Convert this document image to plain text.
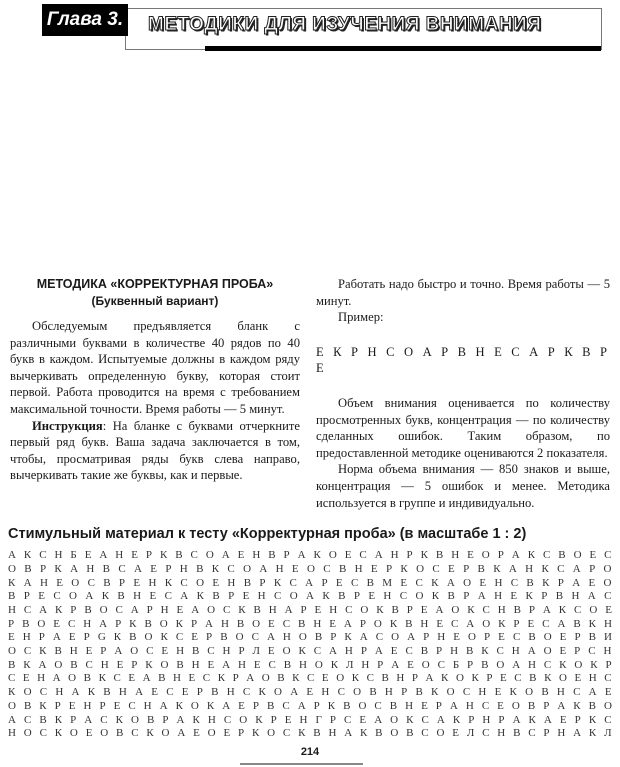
Глава 3. МЕТОДИКИ ДЛЯ ИЗУЧЕНИЯ ВНИМАНИЯ
МЕТОДИКА «КОРРЕКТУРНАЯ ПРОБА»
(Буквенный вариант)

Обследуемым предъявляется бланк с различными буквами в количестве 40 рядов по 40 букв в каждом. Испытуемые должны в каждом ряду вычеркивать определенную букву, которая стоит первой. Работа проводится на время с требованием максимальной точности. Время работы — 5 минут.

Инструкция: На бланке с буквами отчеркните первый ряд букв. Ваша задача заключается в том, чтобы, просматривая ряды букв слева направо, вычеркивать такие же буквы, как и первые.

Работать надо быстро и точно. Время работы — 5 минут.

Пример:

Е К Р Н С О А Р В Н Е С А Р К В Р Е

Объем внимания оценивается по количеству просмотренных букв, концентрация — по количеству сделанных ошибок. Таким образом, по предоставленной методике оцениваются 2 показателя.

Норма объема внимания — 850 знаков и выше, концентрация — 5 ошибок и менее. Методика используется в группе и индивидуально.

Стимульный материал к тесту «Корректурная проба» (в масштабе 1 : 2)
А К С Н Б Е А Н Е Р К В С О А Е Н В Р А К О Е С А Н Р К В Н Е О Р А К С В О Е С
О В Р К А Н В С А Е Р Н В К С О А Н Е О С В Н Е Р К О С Е Р В К А Н К С А Р О
К А Н Е О С В Р Е Н К С О Е Н В Р К С А Р Е С В М Е С К А О Е Н С В К Р А Е О
В Р Е С О А К В Н Е С А К В Р Е Н С О А К В Р Е Н С О К В Р А Н Е К Р В Н А С
Н С А К Р В О С А Р Н Е А О С К В Н А Р Е Н С О К В Р Е А О К С Н В Р А К С О Е
Р В О Е С Н А Р К В О К Р А Н В О Е С В Н Е А Р О К В Н Е С А О К Р Е С А В К Н
Е Н Р А Е Р G К В О К С Е Р В О С А Н О В Р К А С О А Р Н Е О Р Е С В О Е Р В И
О С К В Н Е Р А О С Е Н В С Н Р Л Е О К С А Н Р А Е С В Р Н В К С Н А О Е Р С Н
В К А О В С Н Е Р К О В Н Е А Н Е С В Н О К Л Н Р А Е О С Б Р В О А Н С К О К Р
С Е Н А О В К С Е А В Н Е С К Р А О В К С Е О К С В Н Р А К О К Р Е С В К О Е Н С
К О С Н А К В Н А Е С Е Р В Н С К О А Е Н С О В Н Р В К О С Н Е К О В Н С А Е
О В К Р Е Н Р Е С Н А К О К А Е Р В С А Р К В О С В Н Е Р А Н С Е О В Р А К В О
А С В К Р А С К О В Р А К Н С О К Р Е Н Г Р С Е А О К С А К Р Н Р А К А Е Р К С
Н О С К О Е О В С К О А Е О Е Р К О С К В Н А К В О В С О Е Л С Н В С Р Н А К Л
214
